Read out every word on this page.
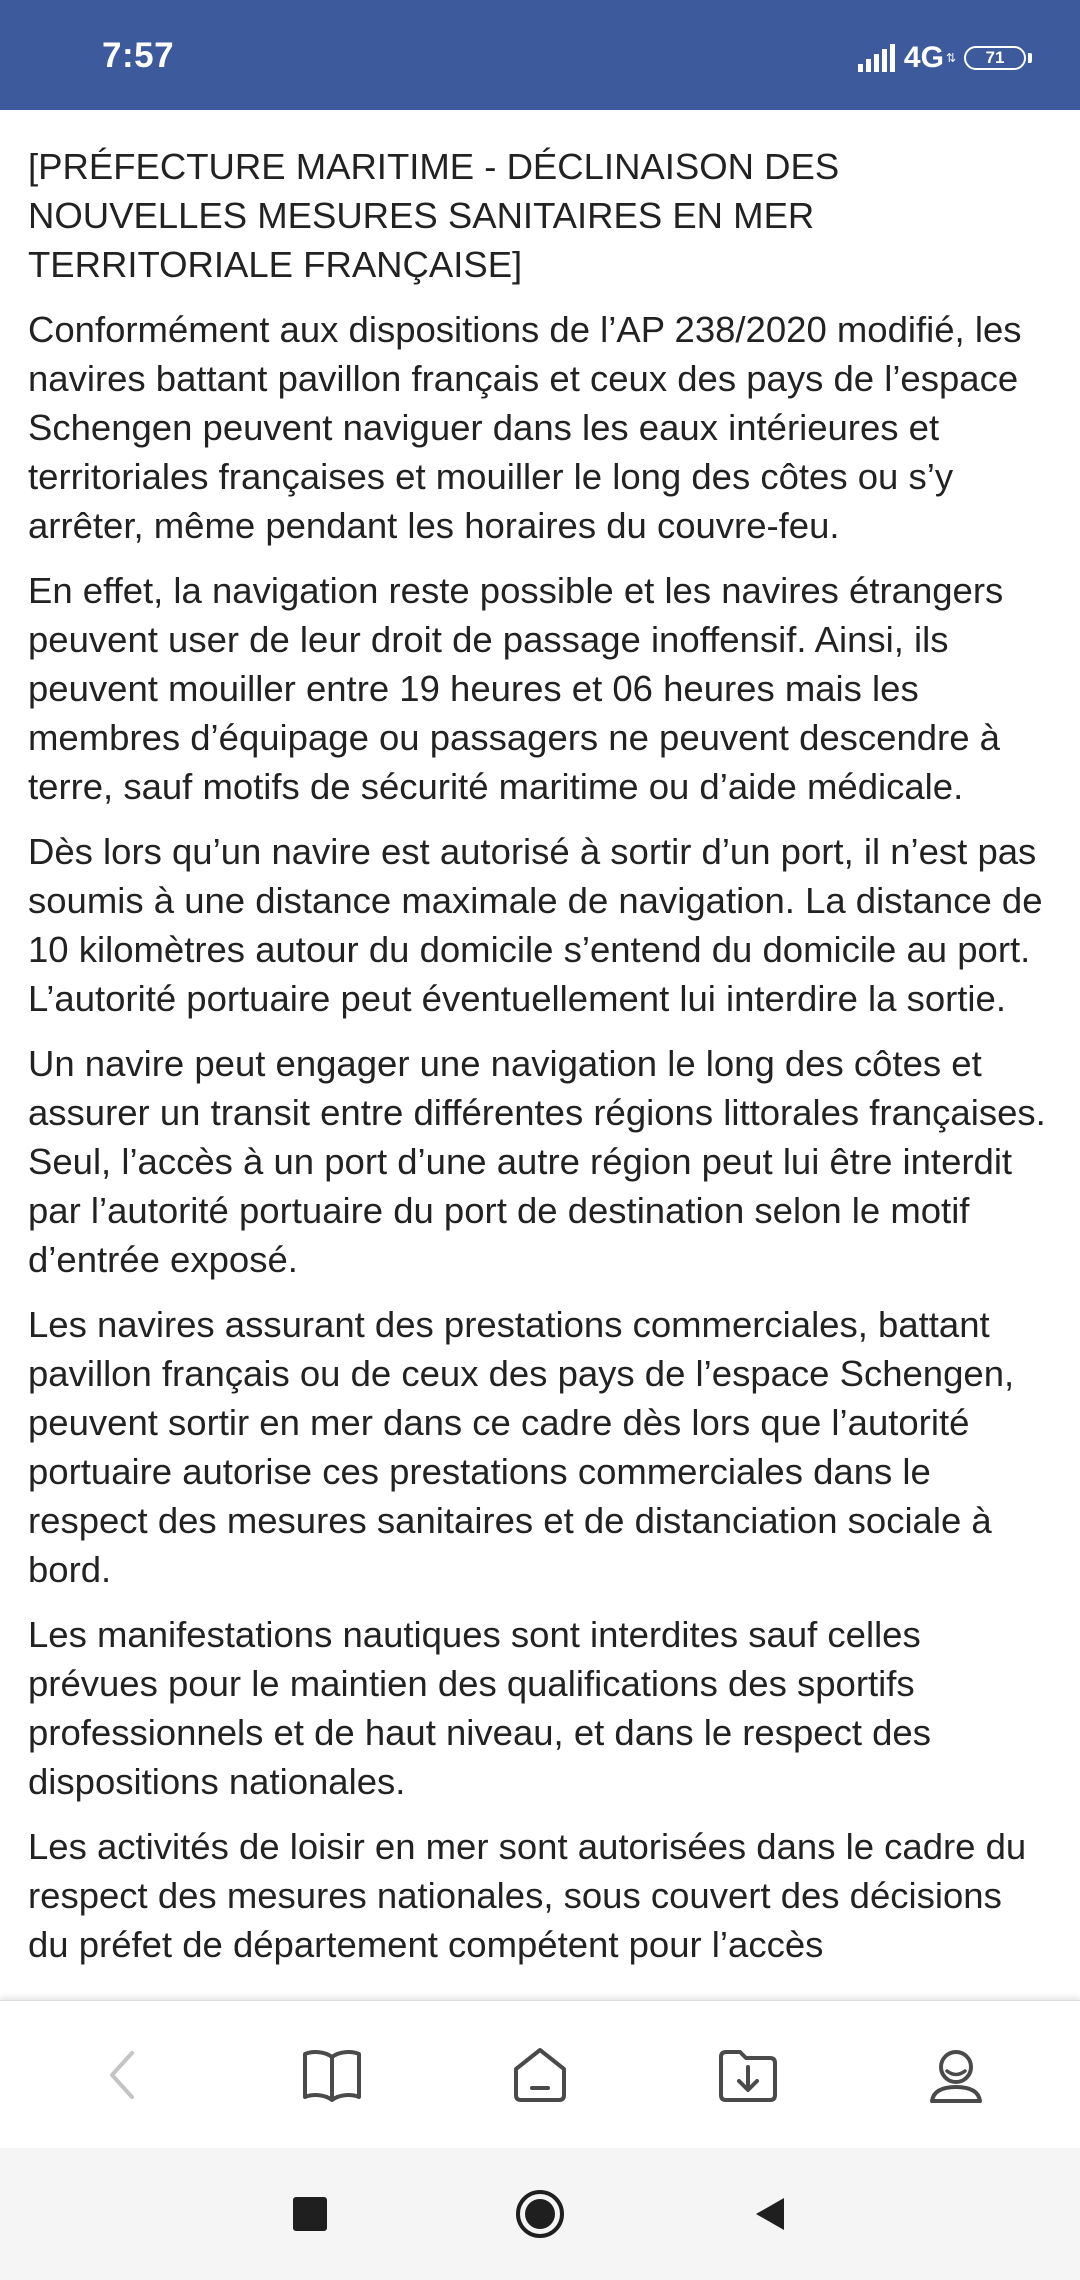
7:57	4G ⇅ 71

[PRÉFECTURE MARITIME - DÉCLINAISON DES NOUVELLES MESURES SANITAIRES EN MER TERRITORIALE FRANÇAISE]

Conformément aux dispositions de l’AP 238/2020 modifié, les navires battant pavillon français et ceux des pays de l’espace Schengen peuvent naviguer dans les eaux intérieures et territoriales françaises et mouiller le long des côtes ou s’y arrêter, même pendant les horaires du couvre-feu.

En effet, la navigation reste possible et les navires étrangers peuvent user de leur droit de passage inoffensif. Ainsi, ils peuvent mouiller entre 19 heures et 06 heures mais les membres d’équipage ou passagers ne peuvent descendre à terre, sauf motifs de sécurité maritime ou d’aide médicale.

Dès lors qu’un navire est autorisé à sortir d’un port, il n’est pas soumis à une distance maximale de navigation. La distance de 10 kilomètres autour du domicile s’entend du domicile au port. L’autorité portuaire peut éventuellement lui interdire la sortie.

Un navire peut engager une navigation le long des côtes et assurer un transit entre différentes régions littorales françaises. Seul, l’accès à un port d’une autre région peut lui être interdit par l’autorité portuaire du port de destination selon le motif d’entrée exposé.

Les navires assurant des prestations commerciales, battant pavillon français ou de ceux des pays de l’espace Schengen, peuvent sortir en mer dans ce cadre dès lors que l’autorité portuaire autorise ces prestations commerciales dans le respect des mesures sanitaires et de distanciation sociale à bord.

Les manifestations nautiques sont interdites sauf celles prévues pour le maintien des qualifications des sportifs professionnels et de haut niveau, et dans le respect des dispositions nationales.

Les activités de loisir en mer sont autorisées dans le cadre du respect des mesures nationales, sous couvert des décisions du préfet de département compétent pour l’accès
